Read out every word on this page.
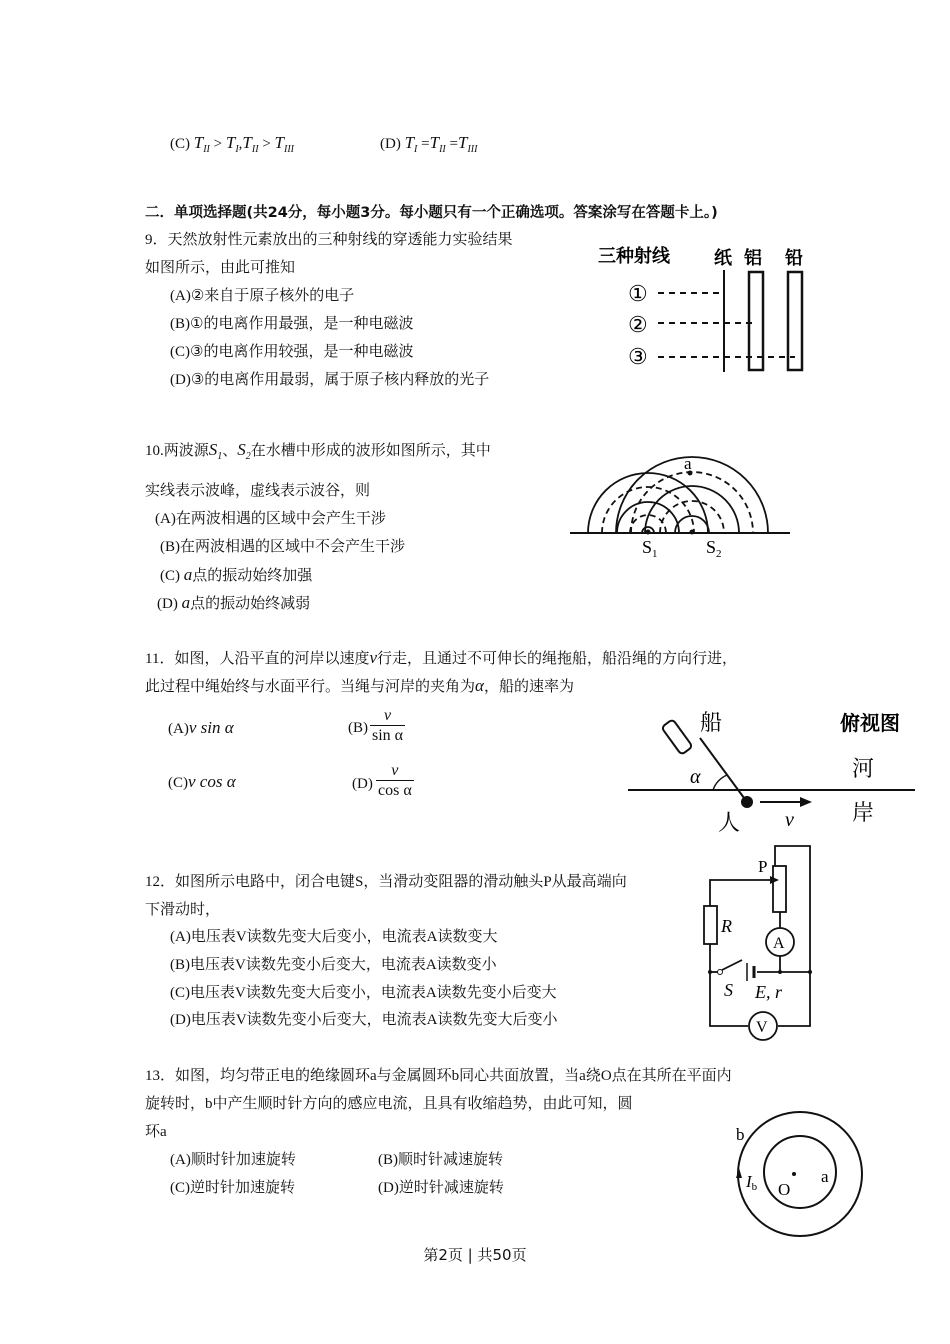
(C) $T_{II} > T_I,T_{II} > T_{III}$	(D) $T_I =T_{II} =T_{III}$
二．单项选择题(共24分，每小题3分。每小题只有一个正确选项。答案涂写在答题卡上。)
9．天然放射性元素放出的三种射线的穿透能力实验结果
如图所示，由此可推知
(A)②来自于原子核外的电子
(B)①的电离作用最强，是一种电磁波
(C)③的电离作用较强，是一种电磁波
(D)③的电离作用最弱，属于原子核内释放的光子
三种射线 纸 铝 铅
①
②
③
10.两波源$S_1$、$S_2$在水槽中形成的波形如图所示，其中
实线表示波峰，虚线表示波谷，则
(A)在两波相遇的区域中会产生干涉
(B)在两波相遇的区域中不会产生干涉
(C) a点的振动始终加强
(D) a点的振动始终减弱
a
$S_1$	$S_2$
11．如图，人沿平直的河岸以速度v行走，且通过不可伸长的绳拖船，船沿绳的方向行进，
此过程中绳始终与水面平行。当绳与河岸的夹角为α，船的速率为
(A)v sin α	$(B) \frac{v}{\text{sin α}}$
(C)v cos α	$(D) \frac{v}{\text{cos α}}$
船	俯视图
河
岸
α
人 v
12．如图所示电路中，闭合电键S，当滑动变阻器的滑动触头P从最高端向
下滑动时，
(A)电压表V读数先变大后变小，电流表A读数变大
(B)电压表V读数先变小后变大，电流表A读数变小
(C)电压表V读数先变大后变小，电流表A读数先变小后变大
(D)电压表V读数先变小后变大，电流表A读数先变大后变小
P
R
A
S E, r
V
13．如图，均匀带正电的绝缘圆环a与金属圆环b同心共面放置，当a绕O点在其所在平面内
旋转时，b中产生顺时针方向的感应电流，且具有收缩趋势，由此可知，圆
环a
(A)顺时针加速旋转	(B)顺时针减速旋转
(C)逆时针加速旋转	(D)逆时针减速旋转
b
a
O
Ib
第2页 | 共50页
